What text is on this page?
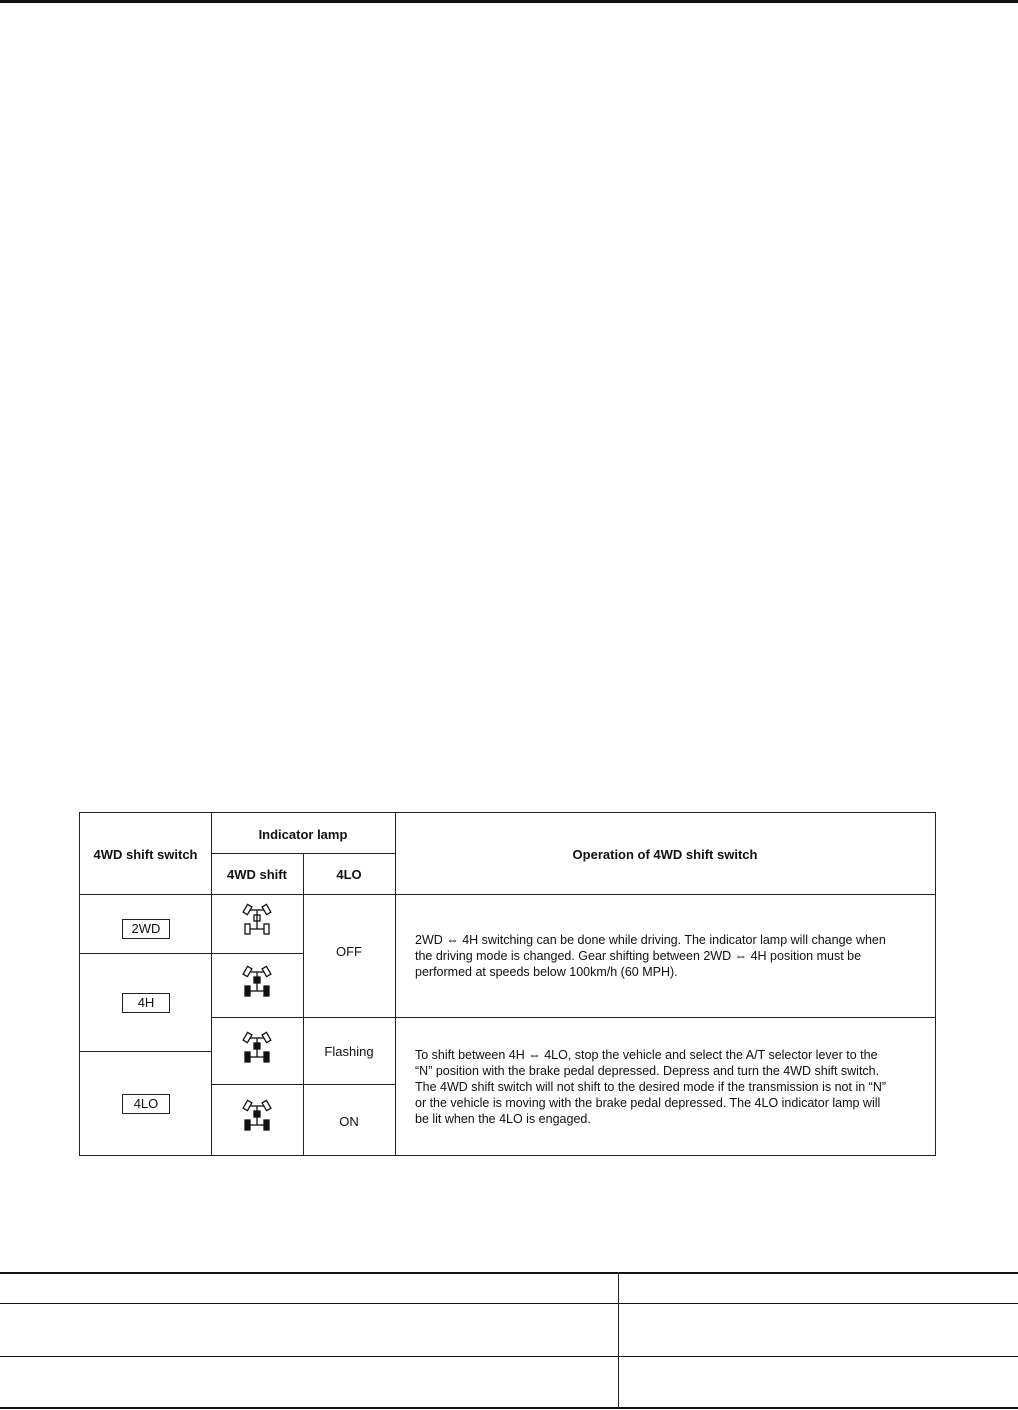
4WD shift switch
Indicator lamp
4WD shift	4LO
Operation of 4WD shift switch
2WD
4H
4LO
OFF
Flashing
ON
2WD ⇔ 4H switching can be done while driving. The indicator lamp will change when
the driving mode is changed. Gear shifting between 2WD ⇔ 4H position must be
performed at speeds below 100km/h (60 MPH).
To shift between 4H ⇔ 4LO, stop the vehicle and select the A/T selector lever to the
“N” position with the brake pedal depressed. Depress and turn the 4WD shift switch.
The 4WD shift switch will not shift to the desired mode if the transmission is not in “N”
or the vehicle is moving with the brake pedal depressed. The 4LO indicator lamp will
be lit when the 4LO is engaged.
